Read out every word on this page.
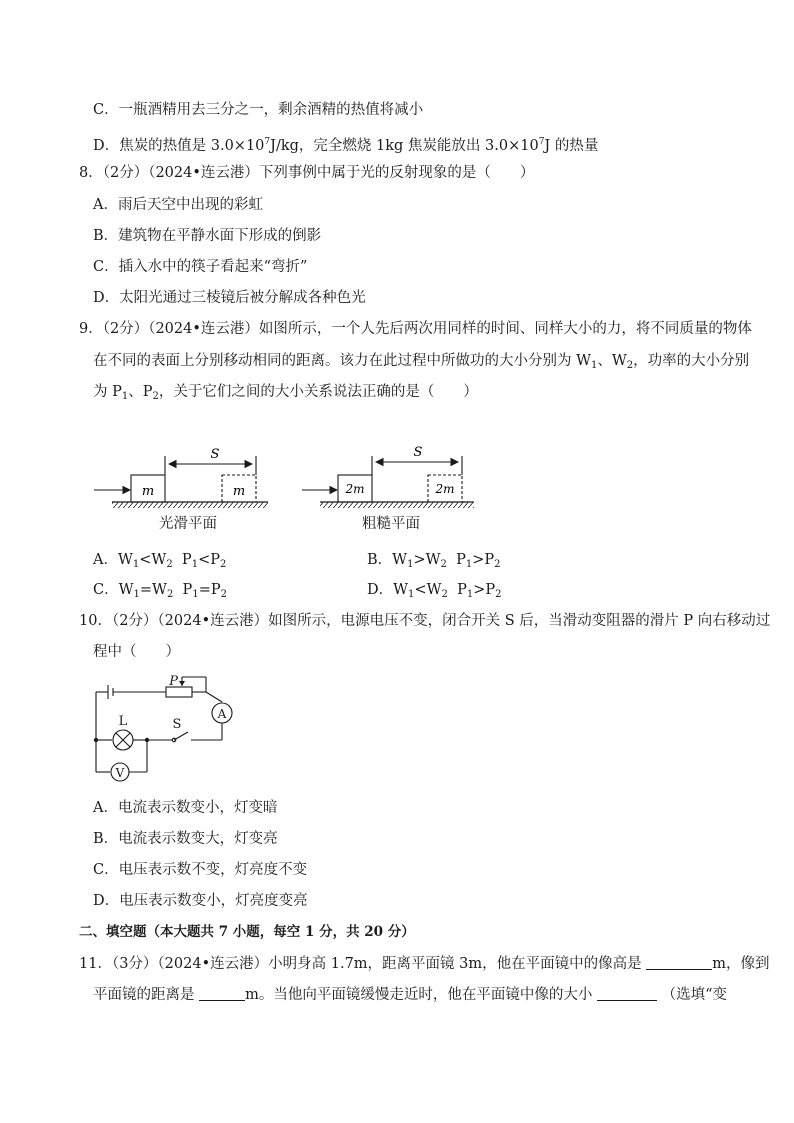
C．一瓶酒精用去三分之一，剩余酒精的热值将减小
D．焦炭的热值是 $3.0\times 10^7J/kg$，完全燃烧 1kg 焦炭能放出 $3.0\times 10^7J$ 的热量
8．（2分）（2024•连云港）下列事例中属于光的反射现象的是（　　）
A．雨后天空中出现的彩虹
B．建筑物在平静水面下形成的倒影
C．插入水中的筷子看起来“弯折”
D．太阳光通过三棱镜后被分解成各种色光
9．（2分）（2024•连云港）如图所示，一个人先后两次用同样的时间、同样大小的力，将不同质量的物体
在不同的表面上分别移动相同的距离。该力在此过程中所做功的大小分别为 $W_1$、$W_2$，功率的大小分别
为 $P_1$、$P_2$，关于它们之间的大小关系说法正确的是（　　）
m
S
m	2m
S
2m
光滑平面	粗糙平面
A．$W_1<W_2$ $P_1<P_2$	B．$W_1>W_2$ $P_1>P_2$
C．$W_1=W_2$ $P_1=P_2$	D．$W_1<W_2$ $P_1>P_2$
10．（2分）（2024•连云港）如图所示，电源电压不变，闭合开关 S 后，当滑动变阻器的滑片 P 向右移动过
程中（　　）
P
A
L	S
V
A．电流表示数变小，灯变暗
B．电流表示数变大，灯变亮
C．电压表示数不变，灯亮度不变
D．电压表示数变小，灯亮度变亮
二、填空题（本大题共 7 小题，每空 1 分，共 20 分）
11．（3分）（2024•连云港）小明身高 1.7m，距离平面镜 3m，他在平面镜中的像高是	m，像到
平面镜的距离是	m。当他向平面镜缓慢走近时，他在平面镜中像的大小	（选填“变
